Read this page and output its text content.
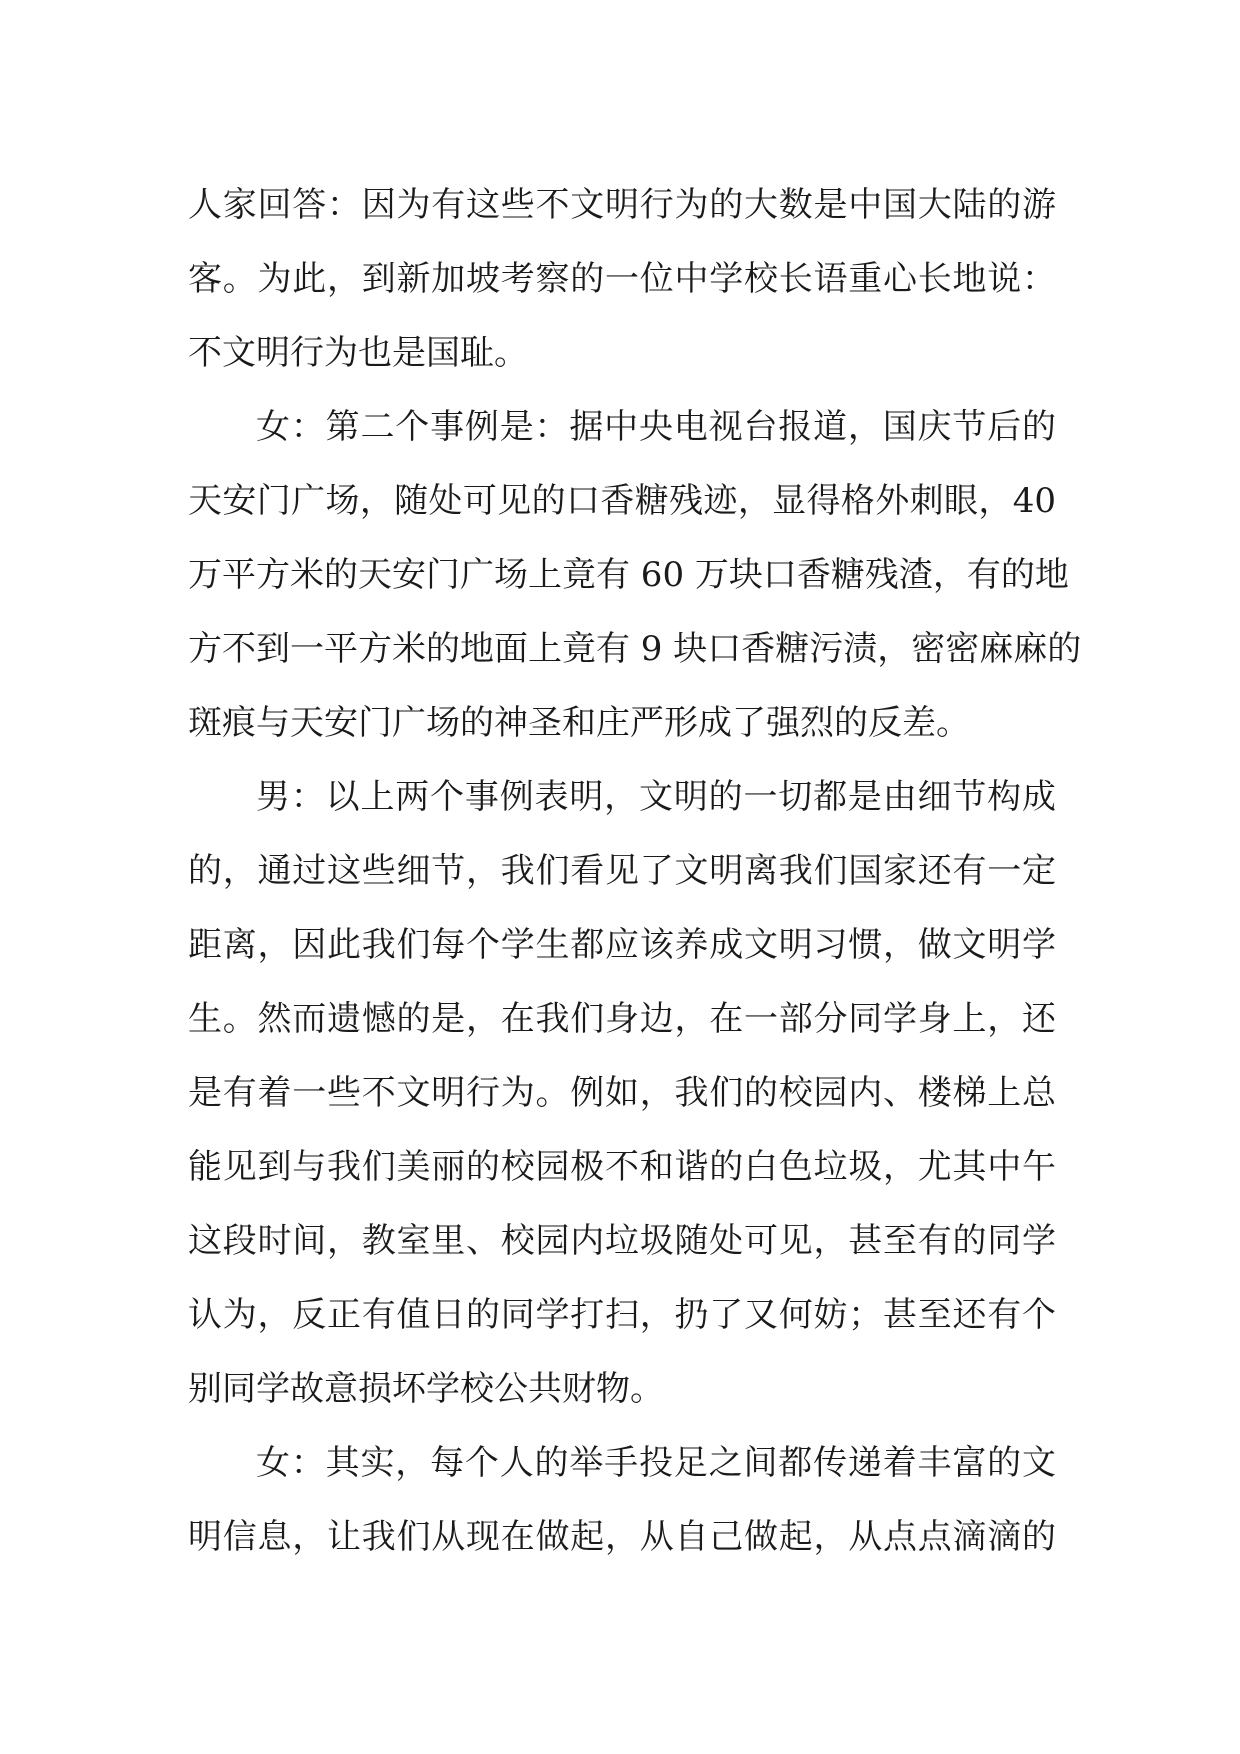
人家回答：因为有这些不文明行为的大数是中国大陆的游
客。为此，到新加坡考察的一位中学校长语重心长地说：
不文明行为也是国耻。
女：第二个事例是：据中央电视台报道，国庆节后的
天安门广场，随处可见的口香糖残迹，显得格外刺眼，40
万平方米的天安门广场上竟有 60 万块口香糖残渣，有的地
方不到一平方米的地面上竟有 9 块口香糖污渍，密密麻麻的
斑痕与天安门广场的神圣和庄严形成了强烈的反差。
男：以上两个事例表明，文明的一切都是由细节构成
的，通过这些细节，我们看见了文明离我们国家还有一定
距离，因此我们每个学生都应该养成文明习惯，做文明学
生。然而遗憾的是，在我们身边，在一部分同学身上，还
是有着一些不文明行为。例如，我们的校园内、楼梯上总
能见到与我们美丽的校园极不和谐的白色垃圾，尤其中午
这段时间，教室里、校园内垃圾随处可见，甚至有的同学
认为，反正有值日的同学打扫，扔了又何妨；甚至还有个
别同学故意损坏学校公共财物。
女：其实，每个人的举手投足之间都传递着丰富的文
明信息，让我们从现在做起，从自己做起，从点点滴滴的
